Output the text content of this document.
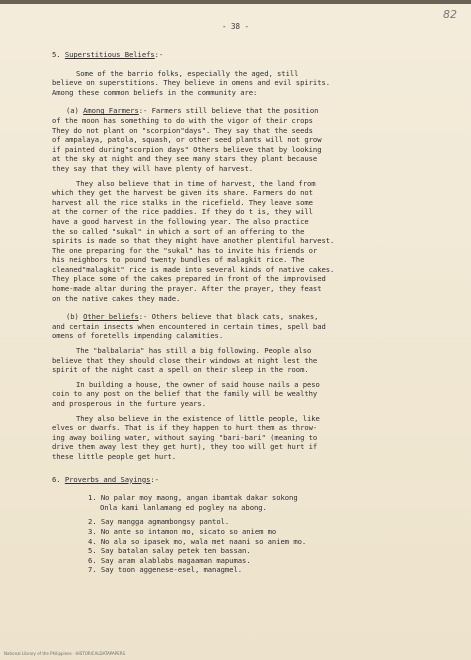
- 38 -
82
5. Superstitious Beliefs:-
Some of the barrio folks, especially the aged, still
believe on superstitions. They believe in omens and evil spirits.
Among these common beliefs in the community are:
(a) Among Farmers:- Farmers still believe that the position
of the moon has something to do with the vigor of their crops
They do not plant on "scorpion"days". They say that the seeds
of ampalaya, patola, squash, or other seed plants will not grow
if painted during"scorpion days" Others believe that by looking
at the sky at night and they see many stars they plant because
they say that they will have plenty of harvest.
They also believe that in time of harvest, the land from
which they get the harvest be given its share. Farmers do not
harvest all the rice stalks in the ricefield. They leave some
at the corner of the rice paddies. If they do t is, they will
have a good harvest in the following year. The also practice
the so called "sukal" in which a sort of an offering to the
spirits is made so that they might have another plentiful harvest.
The one preparing for the "sukal" has to invite his friends or
his neighbors to pound twenty bundles of malagkit rice. The
cleaned"malagkit" rice is made into several kinds of native cakes.
They place some of the cakes prepared in front of the improvised
home-made altar during the prayer. After the prayer, they feast
on the native cakes they made.
(b) Other beliefs:- Others believe that black cats, snakes,
and certain insects when encountered in certain times, spell bad
omens of foretells impending calamities.
The "balbalaria" has still a big following. People also
believe that they should close their windows at night lest the
spirit of the night cast a spell on their sleep in the room.
In building a house, the owner of said house nails a peso
coin to any post on the belief that the family will be wealthy
and prosperous in the furture years.
They also believe in the existence of little people, like
elves or dwarfs. That is if they happen to hurt them as throw-
ing away boiling water, without saying "bari-bari" (meaning to
drive them away lest they get hurt), they too will get hurt if
these little people get hurt.
6. Proverbs and Sayings:-
1. No palar moy maong, angan ibamtak dakar sokong
Onla kami lanlamang ed pogley na abong.
2. Say mangga agmambongsy pantol.
3. No ante so intamon mo, sicato so aniem mo
4. No ala so ipasek mo, wala met naani so aniem mo.
5. Say batalan salay petek ten bassan.
6. Say aram alablabs magaaman mapumas.
7. Say toon aggenese-esel, managmel.
National Library of the Philippines · HISTORICALDATAPAPERS
